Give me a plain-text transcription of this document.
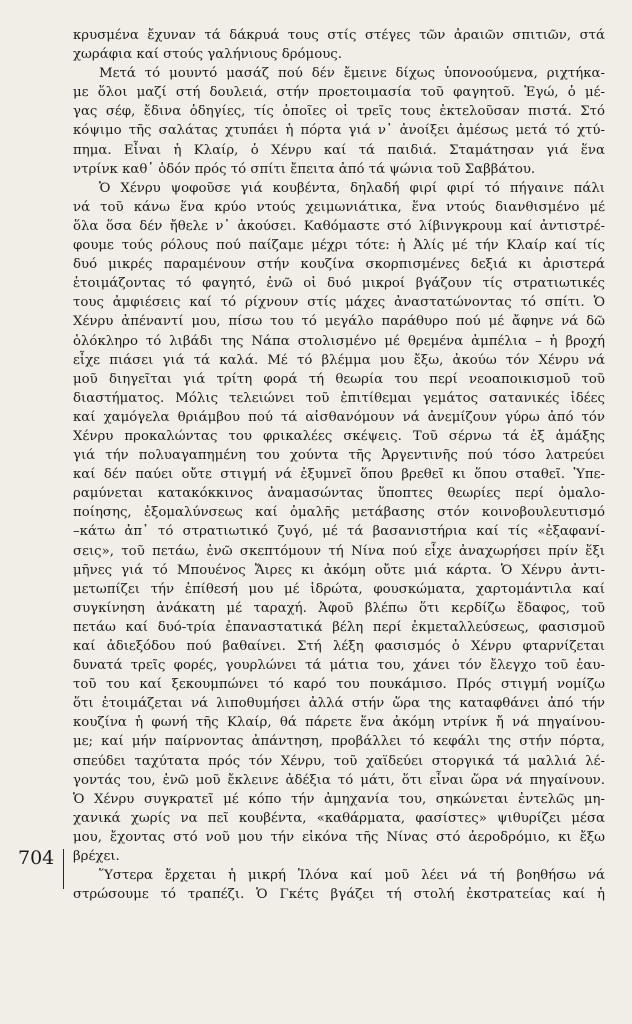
κρυσμένα ἔχυναν τά δάκρυά τους στίς στέγες τῶν ἀραιῶν σπιτιῶν, στά
χωράφια καί στούς γαλήνιους δρόμους.
Μετά τό μουντό μασάζ πού δέν ἔμεινε δίχως ὑπονοούμενα, ριχτήκα-
με ὅλοι μαζί στή δουλειά, στήν προετοιμασία τοῦ φαγητοῦ. Ἐγώ, ὁ μέ-
γας σέφ, ἔδινα ὁδηγίες, τίς ὁποῖες οἱ τρεῖς τους ἐκτελοῦσαν πιστά. Στό
κόψιμο τῆς σαλάτας χτυπάει ἡ πόρτα γιά ν᾽ ἀνοίξει ἀμέσως μετά τό χτύ-
πημα. Εἶναι ἡ Κλαίρ, ὁ Χένρυ καί τά παιδιά. Σταμάτησαν γιά ἕνα
ντρίνκ καθ᾽ ὁδόν πρός τό σπίτι ἔπειτα ἀπό τά ψώνια τοῦ Σαββάτου.
Ὁ Χένρυ ψοφοῦσε γιά κουβέντα, δηλαδή φιρί φιρί τό πήγαινε πάλι
νά τοῦ κάνω ἕνα κρύο ντούς χειμωνιάτικα, ἕνα ντούς διανθισμένο μέ
ὅλα ὅσα δέν ἤθελε ν᾽ ἀκούσει. Καθόμαστε στό λίβινγκρουμ καί ἀντιστρέ-
φουμε τούς ρόλους πού παίζαμε μέχρι τότε: ἡ Ἀλίς μέ τήν Κλαίρ καί τίς
δυό μικρές παραμένουν στήν κουζίνα σκορπισμένες δεξιά κι ἀριστερά
ἑτοιμάζοντας τό φαγητό, ἐνῶ οἱ δυό μικροί βγάζουν τίς στρατιωτικές
τους ἀμφιέσεις καί τό ρίχνουν στίς μάχες ἀναστατώνοντας τό σπίτι. Ὁ
Χένρυ ἀπέναντί μου, πίσω του τό μεγάλο παράθυρο πού μέ ἄφηνε νά δῶ
ὁλόκληρο τό λιβάδι της Νάπα στολισμένο μέ θρεμένα ἀμπέλια – ἡ βροχή
εἶχε πιάσει γιά τά καλά. Μέ τό βλέμμα μου ἔξω, ἀκούω τόν Χένρυ νά
μοῦ διηγεῖται γιά τρίτη φορά τή θεωρία του περί νεοαποικισμοῦ τοῦ
διαστήματος. Μόλις τελειώνει τοῦ ἐπιτίθεμαι γεμάτος σατανικές ἰδέες
καί χαμόγελα θριάμβου πού τά αἰσθανόμουν νά ἀνεμίζουν γύρω ἀπό τόν
Χένρυ προκαλώντας του φρικαλέες σκέψεις. Τοῦ σέρνω τά ἐξ ἁμάξης
γιά τήν πολυαγαπημένη του χούντα τῆς Ἀργεντινῆς πού τόσο λατρεύει
καί δέν παύει οὔτε στιγμή νά ἐξυμνεῖ ὅπου βρεθεῖ κι ὅπου σταθεῖ. Ὑπε-
ραμύνεται κατακόκκινος ἀναμασώντας ὕποπτες θεωρίες περί ὁμαλο-
ποίησης, ἐξομαλύνσεως καί ὁμαλῆς μετάβασης στόν κοινοβουλευτισμό
–κάτω ἀπ᾽ τό στρατιωτικό ζυγό, μέ τά βασανιστήρια καί τίς «ἐξαφανί-
σεις», τοῦ πετάω, ἐνῶ σκεπτόμουν τή Νίνα πού εἶχε ἀναχωρήσει πρίν ἕξι
μῆνες γιά τό Μπουένος Ἄιρες κι ἀκόμη οὔτε μιά κάρτα. Ὁ Χένρυ ἀντι-
μετωπίζει τήν ἐπίθεσή μου μέ ἱδρώτα, φουσκώματα, χαρτομάντιλα καί
συγκίνηση ἀνάκατη μέ ταραχή. Ἀφοῦ βλέπω ὅτι κερδίζω ἔδαφος, τοῦ
πετάω καί δυό-τρία ἐπαναστατικά βέλη περί ἐκμεταλλεύσεως, φασισμοῦ
καί ἀδιεξόδου πού βαθαίνει. Στή λέξη φασισμός ὁ Χένρυ φταρνίζεται
δυνατά τρεῖς φορές, γουρλώνει τά μάτια του, χάνει τόν ἔλεγχο τοῦ ἑαυ-
τοῦ του καί ξεκουμπώνει τό καρό του πουκάμισο. Πρός στιγμή νομίζω
ὅτι ἑτοιμάζεται νά λιποθυμήσει ἀλλά στήν ὥρα της καταφθάνει ἀπό τήν
κουζίνα ἡ φωνή τῆς Κλαίρ, θά πάρετε ἕνα ἀκόμη ντρίνκ ἤ νά πηγαίνου-
με; καί μήν παίρνοντας ἀπάντηση, προβάλλει τό κεφάλι της στήν πόρτα,
σπεύδει ταχύτατα πρός τόν Χένρυ, τοῦ χαϊδεύει στοργικά τά μαλλιά λέ-
γοντάς του, ἐνῶ μοῦ ἔκλεινε ἀδέξια τό μάτι, ὅτι εἶναι ὥρα νά πηγαίνουν.
Ὁ Χένρυ συγκρατεῖ μέ κόπο τήν ἀμηχανία του, σηκώνεται ἐντελῶς μη-
χανικά χωρίς να πεῖ κουβέντα, «καθάρματα, φασίστες» ψιθυρίζει μέσα
μου, ἔχοντας στό νοῦ μου τήν εἰκόνα τῆς Νίνας στό ἀεροδρόμιο, κι ἔξω
βρέχει.
Ὕστερα ἔρχεται ἡ μικρή Ἰλόνα καί μοῦ λέει νά τή βοηθήσω νά
στρώσουμε τό τραπέζι. Ὁ Γκέτς βγάζει τή στολή ἐκστρατείας καί ἡ
704
